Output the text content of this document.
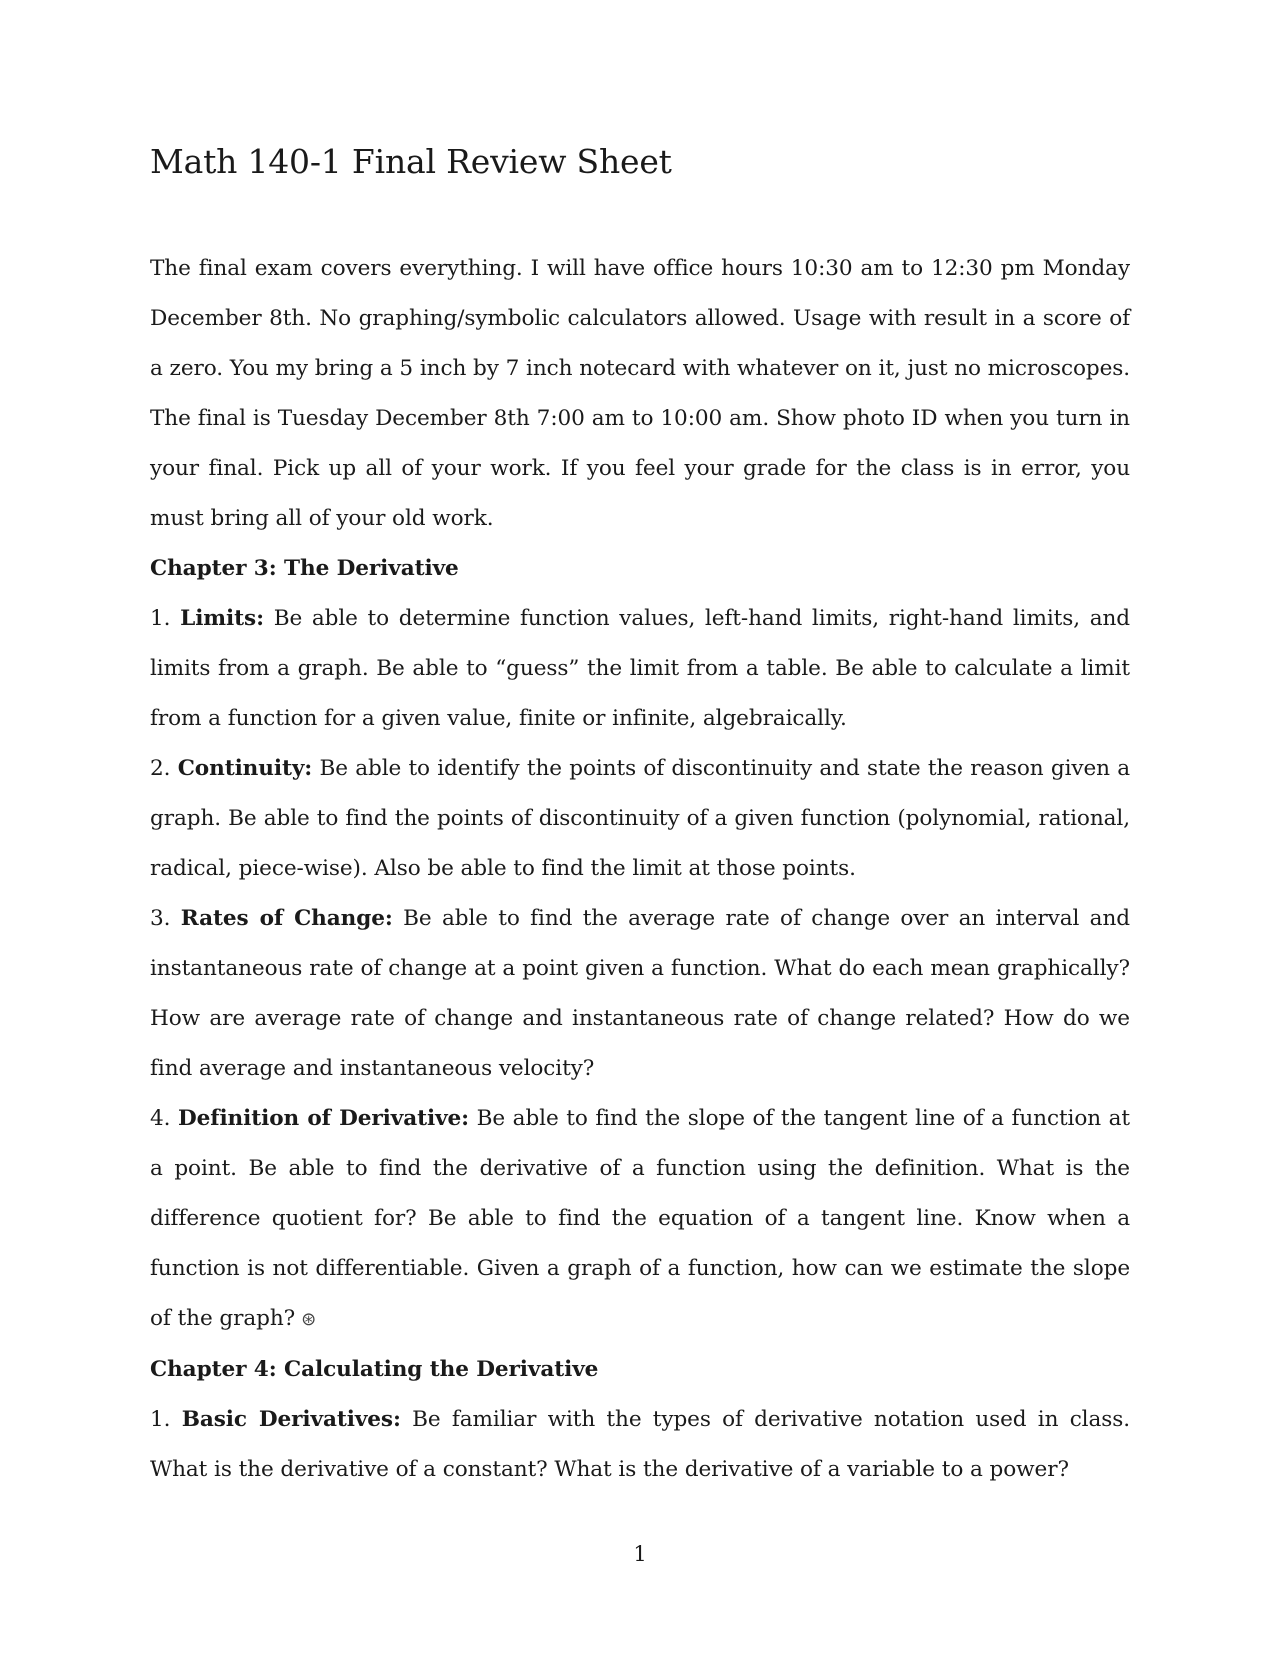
Math 140-1 Final Review Sheet

The final exam covers everything. I will have office hours 10:30 am to 12:30 pm Monday December 8th. No graphing/symbolic calculators allowed. Usage with result in a score of a zero. You my bring a 5 inch by 7 inch notecard with whatever on it, just no microscopes. The final is Tuesday December 8th 7:00 am to 10:00 am. Show photo ID when you turn in your final. Pick up all of your work. If you feel your grade for the class is in error, you must bring all of your old work.

Chapter 3: The Derivative

1. Limits: Be able to determine function values, left-hand limits, right-hand limits, and limits from a graph. Be able to “guess” the limit from a table. Be able to calculate a limit from a function for a given value, finite or infinite, algebraically.

2. Continuity: Be able to identify the points of discontinuity and state the reason given a graph. Be able to find the points of discontinuity of a given function (polynomial, rational, radical, piece-wise). Also be able to find the limit at those points.

3. Rates of Change: Be able to find the average rate of change over an interval and instantaneous rate of change at a point given a function. What do each mean graphically? How are average rate of change and instantaneous rate of change related? How do we find average and instantaneous velocity?

4. Definition of Derivative: Be able to find the slope of the tangent line of a function at a point. Be able to find the derivative of a function using the definition. What is the difference quotient for? Be able to find the equation of a tangent line. Know when a function is not differentiable. Given a graph of a function, how can we estimate the slope of the graph? ⊛

Chapter 4: Calculating the Derivative

1. Basic Derivatives: Be familiar with the types of derivative notation used in class. What is the derivative of a constant? What is the derivative of a variable to a power?

1
